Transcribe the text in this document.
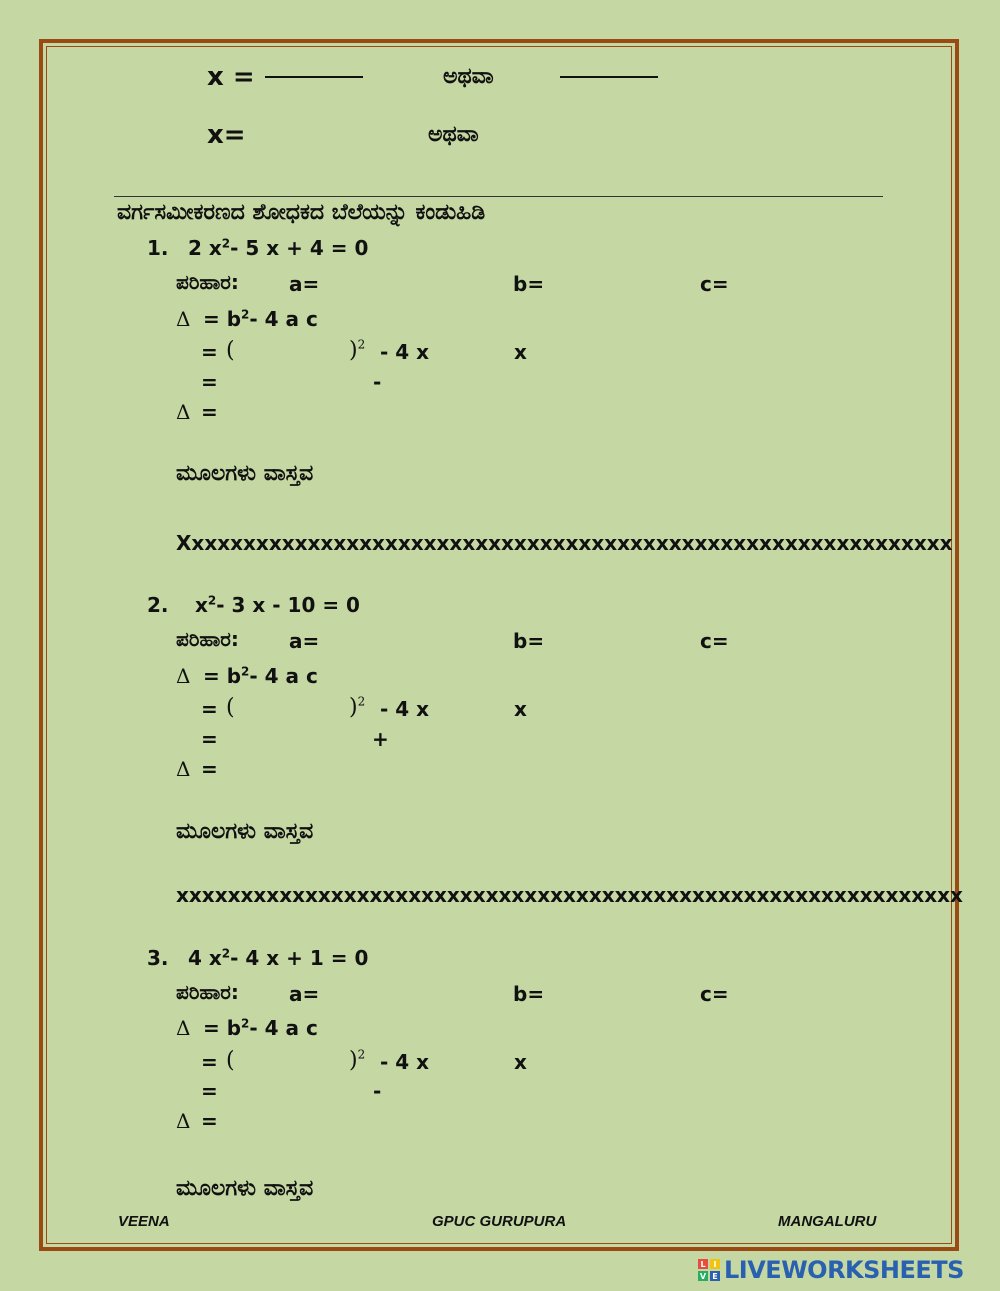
x =	ಅಥವಾ
x=	ಅಥವಾ
ವರ್ಗಸಮೀಕರಣದ ಶೋಧಕದ ಬೆಲೆಯನ್ನು ಕಂಡುಹಿಡಿ
1. 2 $x^2-$ 5 x + 4 = 0
ಪರಿಹಾರ:	a=	b=	c=
$\Delta = b^2-$ 4 a c
= (	)$^2$ - 4 x	x
=	-
Δ =
ಮೂಲಗಳು ವಾಸ್ತವ
Xxxxxxxxxxxxxxxxxxxxxxxxxxxxxxxxxxxxxxxxxxxxxxxxxxxxxxxxxxxx
2. $x^2-$ 3 x - 10 = 0
ಪರಿಹಾರ:	a=	b=	c=
$\Delta = b^2-$ 4 a c
= (	)$^2$ - 4 x	x
=	+
Δ =
ಮೂಲಗಳು ವಾಸ್ತವ
xxxxxxxxxxxxxxxxxxxxxxxxxxxxxxxxxxxxxxxxxxxxxxxxxxxxxxxxxxxxx
3. 4 $x^2-$ 4 x + 1 = 0
ಪರಿಹಾರ:	a=	b=	c=
$\Delta = b^2-$ 4 a c
= (	)$^2$ - 4 x	x
=	-
Δ =
ಮೂಲಗಳು ವಾಸ್ತವ
VEENA	GPUC GURUPURA	MANGALURU
L I
V E LIVEWORKSHEETS
